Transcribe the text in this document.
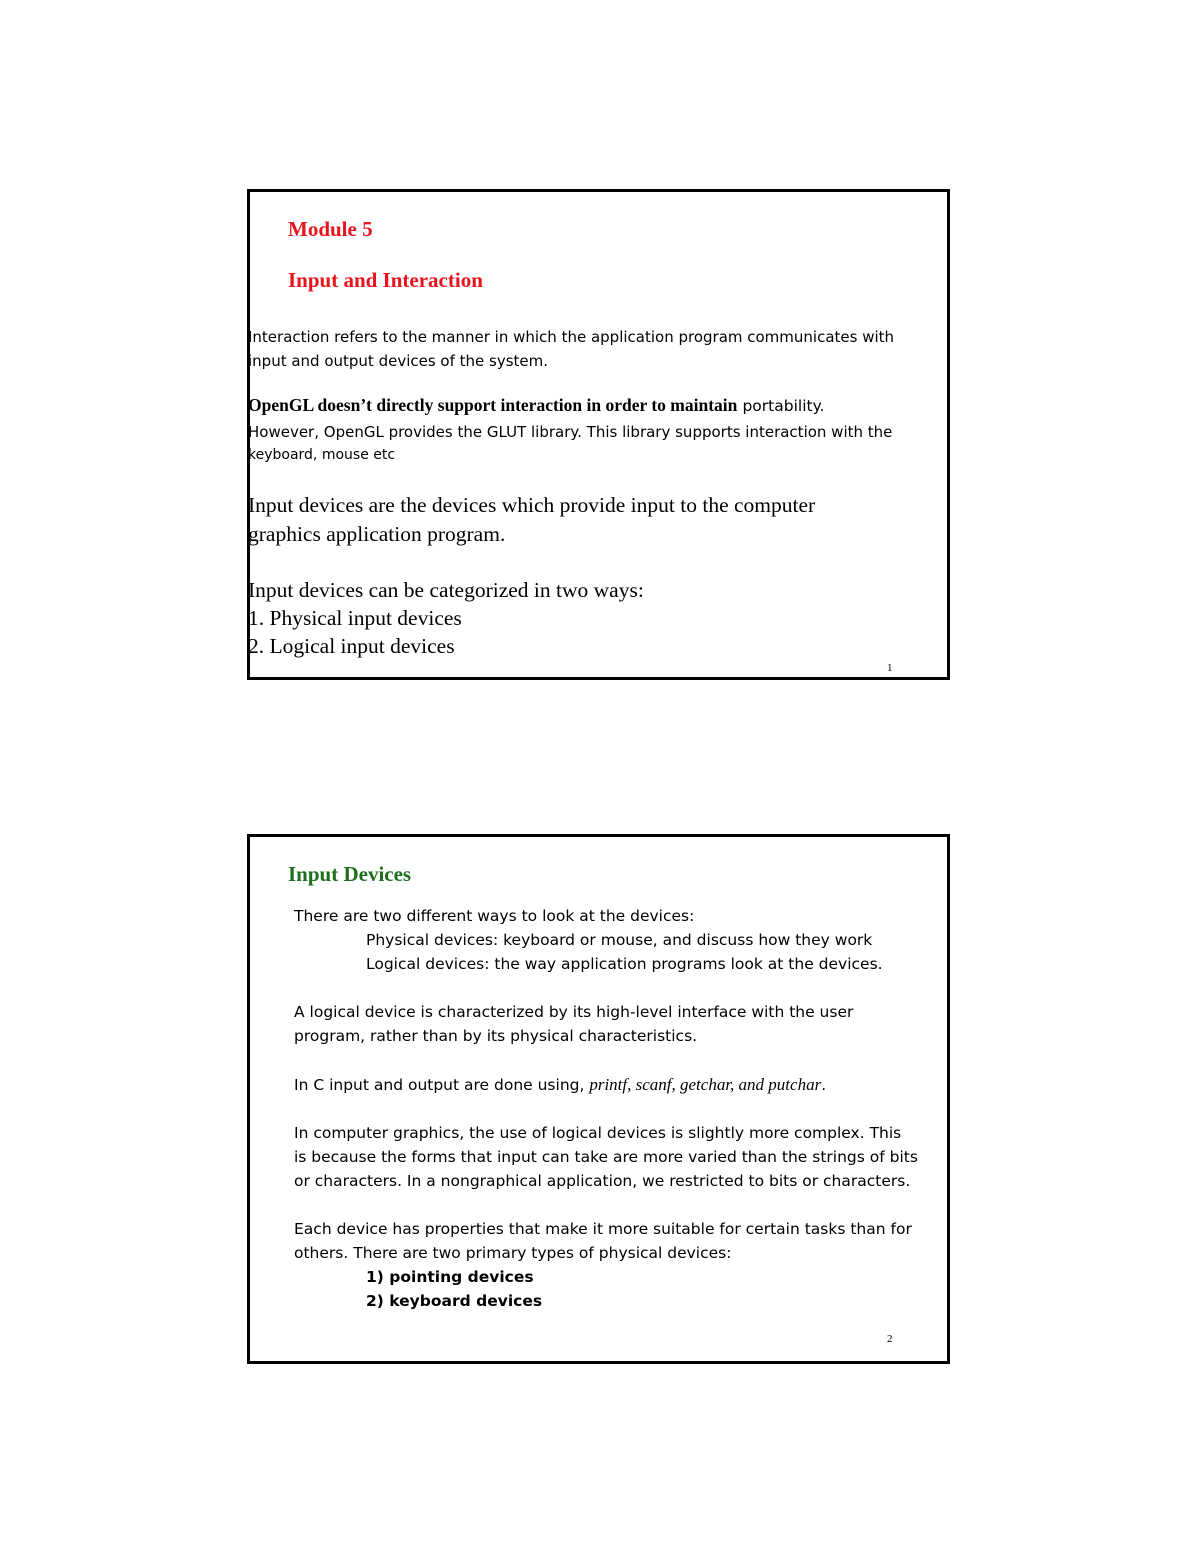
Module 5
Input and Interaction
Interaction refers to the manner in which the application program communicates with
input and output devices of the system.
OpenGL doesn’t directly support interaction in order to maintain portability.
However, OpenGL provides the GLUT library. This library supports interaction with the
keyboard, mouse etc
Input devices are the devices which provide input to the computer
graphics application program.
Input devices can be categorized in two ways:
1. Physical input devices
2. Logical input devices
1
Input Devices
There are two different ways to look at the devices:
Physical devices: keyboard or mouse, and discuss how they work
Logical devices: the way application programs look at the devices.
A logical device is characterized by its high-level interface with the user
program, rather than by its physical characteristics.
In C input and output are done using, printf, scanf, getchar, and putchar.
In computer graphics, the use of logical devices is slightly more complex. This
is because the forms that input can take are more varied than the strings of bits
or characters. In a nongraphical application, we restricted to bits or characters.
Each device has properties that make it more suitable for certain tasks than for
others. There are two primary types of physical devices:
1) pointing devices
2) keyboard devices
2
